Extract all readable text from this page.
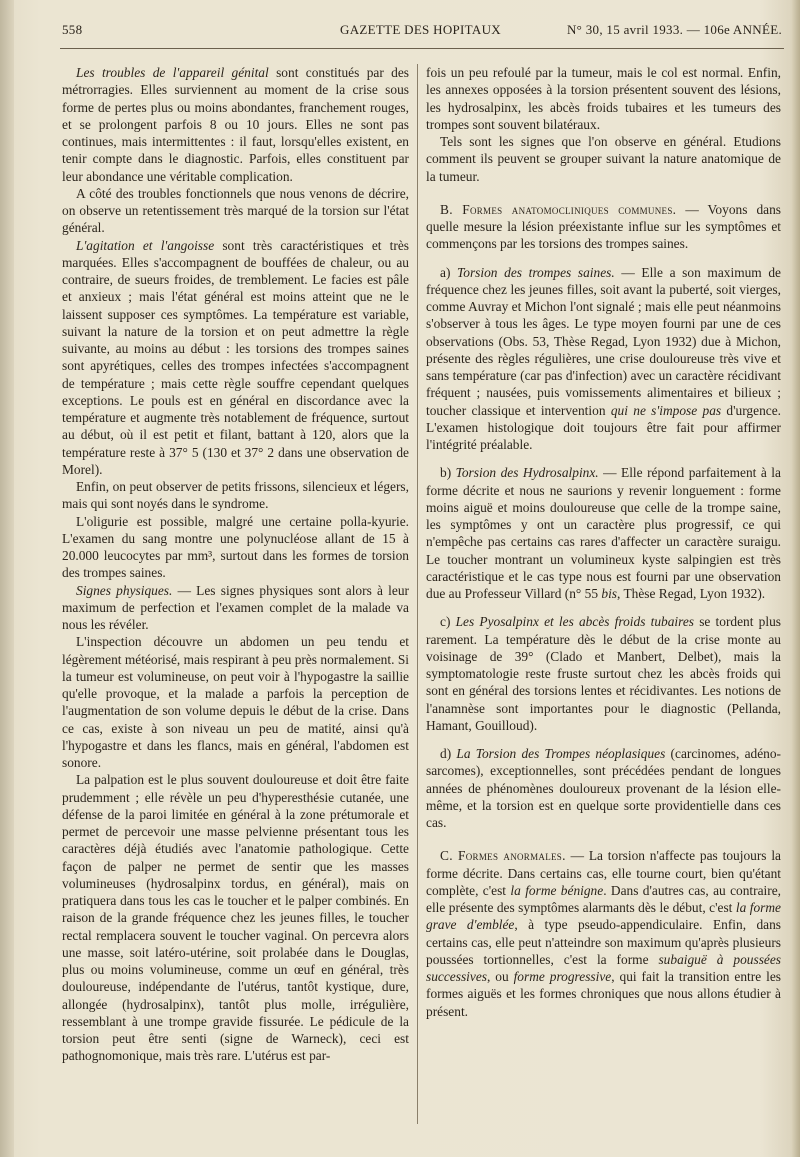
558	GAZETTE DES HOPITAUX	N° 30, 15 avril 1933. — 106e ANNÉE.

Les troubles de l'appareil génital sont constitués par des métrorragies. Elles surviennent au moment de la crise sous forme de pertes plus ou moins abondantes, franchement rouges, et se prolongent parfois 8 ou 10 jours. Elles ne sont pas continues, mais intermittentes : il faut, lorsqu'elles existent, en tenir compte dans le diagnostic. Parfois, elles constituent par leur abondance une véritable complication.

A côté des troubles fonctionnels que nous venons de décrire, on observe un retentissement très marqué de la torsion sur l'état général.

L'agitation et l'angoisse sont très caractéristiques et très marquées. Elles s'accompagnent de bouffées de chaleur, ou au contraire, de sueurs froides, de tremblement. Le facies est pâle et anxieux ; mais l'état général est moins atteint que ne le laissent supposer ces symptômes. La température est variable, suivant la nature de la torsion et on peut admettre la règle suivante, au moins au début : les torsions des trompes saines sont apyrétiques, celles des trompes infectées s'accompagnent de température ; mais cette règle souffre cependant quelques exceptions. Le pouls est en général en discordance avec la température et augmente très notablement de fréquence, surtout au début, où il est petit et filant, battant à 120, alors que la température reste à 37° 5 (130 et 37° 2 dans une observation de Morel).

Enfin, on peut observer de petits frissons, silencieux et légers, mais qui sont noyés dans le syndrome.

L'oligurie est possible, malgré une certaine polla-kyurie. L'examen du sang montre une polynucléose allant de 15 à 20.000 leucocytes par mm³, surtout dans les formes de torsion des trompes saines.

Signes physiques. — Les signes physiques sont alors à leur maximum de perfection et l'examen complet de la malade va nous les révéler.

L'inspection découvre un abdomen un peu tendu et légèrement météorisé, mais respirant à peu près normalement. Si la tumeur est volumineuse, on peut voir à l'hypogastre la saillie qu'elle provoque, et la malade a parfois la perception de l'augmentation de son volume depuis le début de la crise. Dans ce cas, existe à son niveau un peu de matité, ainsi qu'à l'hypogastre et dans les flancs, mais en général, l'abdomen est sonore.

La palpation est le plus souvent douloureuse et doit être faite prudemment ; elle révèle un peu d'hyperesthésie cutanée, une défense de la paroi limitée en général à la zone prétumorale et permet de percevoir une masse pelvienne présentant tous les caractères déjà étudiés avec l'anatomie pathologique. Cette façon de palper ne permet de sentir que les masses volumineuses (hydrosalpinx tordus, en général), mais on pratiquera dans tous les cas le toucher et le palper combinés. En raison de la grande fréquence chez les jeunes filles, le toucher rectal remplacera souvent le toucher vaginal. On percevra alors une masse, soit latéro-utérine, soit prolabée dans le Douglas, plus ou moins volumineuse, comme un œuf en général, très douloureuse, indépendante de l'utérus, tantôt kystique, dure, allongée (hydrosalpinx), tantôt plus molle, irrégulière, ressemblant à une trompe gravide fissurée. Le pédicule de la torsion peut être senti (signe de Warneck), ceci est pathognomonique, mais très rare. L'utérus est par-

fois un peu refoulé par la tumeur, mais le col est normal. Enfin, les annexes opposées à la torsion présentent souvent des lésions, les hydrosalpinx, les abcès froids tubaires et les tumeurs des trompes sont souvent bilatéraux.

Tels sont les signes que l'on observe en général. Etudions comment ils peuvent se grouper suivant la nature anatomique de la tumeur.

B. Formes anatomocliniques communes. — Voyons dans quelle mesure la lésion préexistante influe sur les symptômes et commençons par les torsions des trompes saines.

a) Torsion des trompes saines. — Elle a son maximum de fréquence chez les jeunes filles, soit avant la puberté, soit vierges, comme Auvray et Michon l'ont signalé ; mais elle peut néanmoins s'observer à tous les âges. Le type moyen fourni par une de ces observations (Obs. 53, Thèse Regad, Lyon 1932) due à Michon, présente des règles régulières, une crise douloureuse très vive et sans température (car pas d'infection) avec un caractère récidivant fréquent ; nausées, puis vomissements alimentaires et bilieux ; toucher classique et intervention qui ne s'impose pas d'urgence. L'examen histologique doit toujours être fait pour affirmer l'intégrité préalable.

b) Torsion des Hydrosalpinx. — Elle répond parfaitement à la forme décrite et nous ne saurions y revenir longuement : forme moins aiguë et moins douloureuse que celle de la trompe saine, les symptômes y ont un caractère plus progressif, ce qui n'empêche pas certains cas rares d'affecter un caractère suraigu. Le toucher montrant un volumineux kyste salpingien est très caractéristique et le cas type nous est fourni par une observation due au Professeur Villard (n° 55 bis, Thèse Regad, Lyon 1932).

c) Les Pyosalpinx et les abcès froids tubaires se tordent plus rarement. La température dès le début de la crise monte au voisinage de 39° (Clado et Manbert, Delbet), mais la symptomatologie reste fruste surtout chez les abcès froids qui sont en général des torsions lentes et récidivantes. Les notions de l'anamnèse sont importantes pour le diagnostic (Pellanda, Hamant, Gouilloud).

d) La Torsion des Trompes néoplasiques (carcinomes, adéno-sarcomes), exceptionnelles, sont précédées pendant de longues années de phénomènes douloureux provenant de la lésion elle-même, et la torsion est en quelque sorte providentielle dans ces cas.

C. Formes anormales. — La torsion n'affecte pas toujours la forme décrite. Dans certains cas, elle tourne court, bien qu'étant complète, c'est la forme bénigne. Dans d'autres cas, au contraire, elle présente des symptômes alarmants dès le début, c'est la forme grave d'emblée, à type pseudo-appendiculaire. Enfin, dans certains cas, elle peut n'atteindre son maximum qu'après plusieurs poussées tortionnelles, c'est la forme subaiguë à poussées successives, ou forme progressive, qui fait la transition entre les formes aiguës et les formes chroniques que nous allons étudier à présent.
